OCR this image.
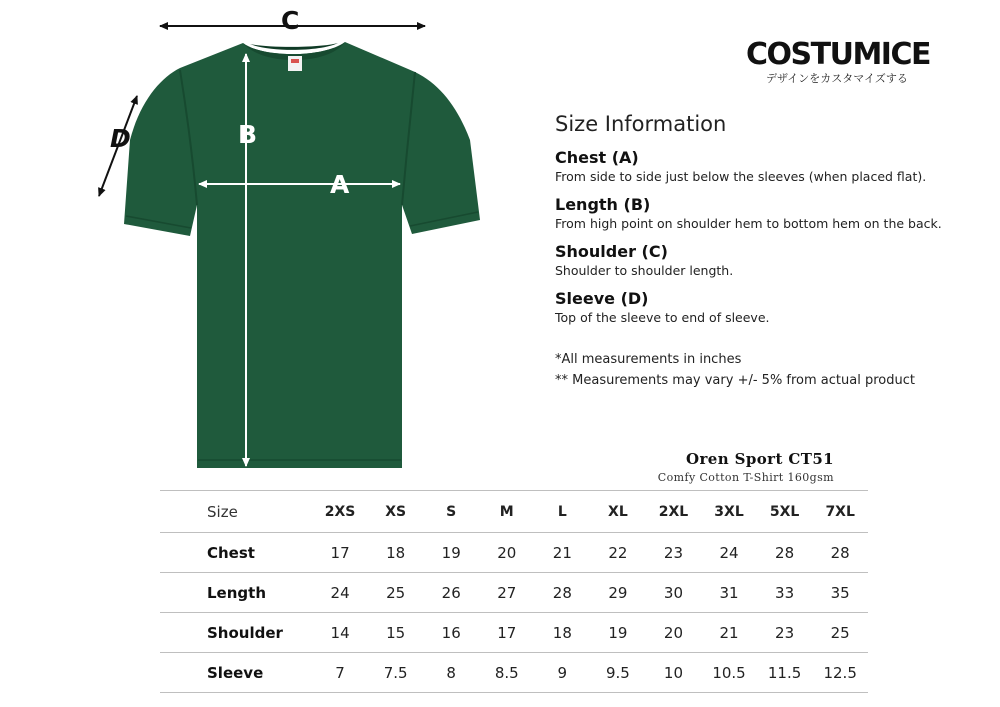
C
D	B
A
COSTUMICE
デザインをカスタマイズする
Size Information
Chest (A)
From side to side just below the sleeves (when placed flat).
Length (B)
From high point on shoulder hem to bottom hem on the back.
Shoulder (C)
Shoulder to shoulder length.
Sleeve (D)
Top of the sleeve to end of sleeve.
*All measurements in inches
** Measurements may vary +/- 5% from actual product
Oren Sport CT51
Comfy Cotton T-Shirt 160gsm
Size	2XS	XS	S	M	L	XL	2XL	3XL	5XL	7XL
Chest	17	18	19	20	21	22	23	24	28	28
Length	24	25	26	27	28	29	30	31	33	35
Shoulder	14	15	16	17	18	19	20	21	23	25
Sleeve	7	7.5	8	8.5	9	9.5	10	10.5	11.5	12.5
